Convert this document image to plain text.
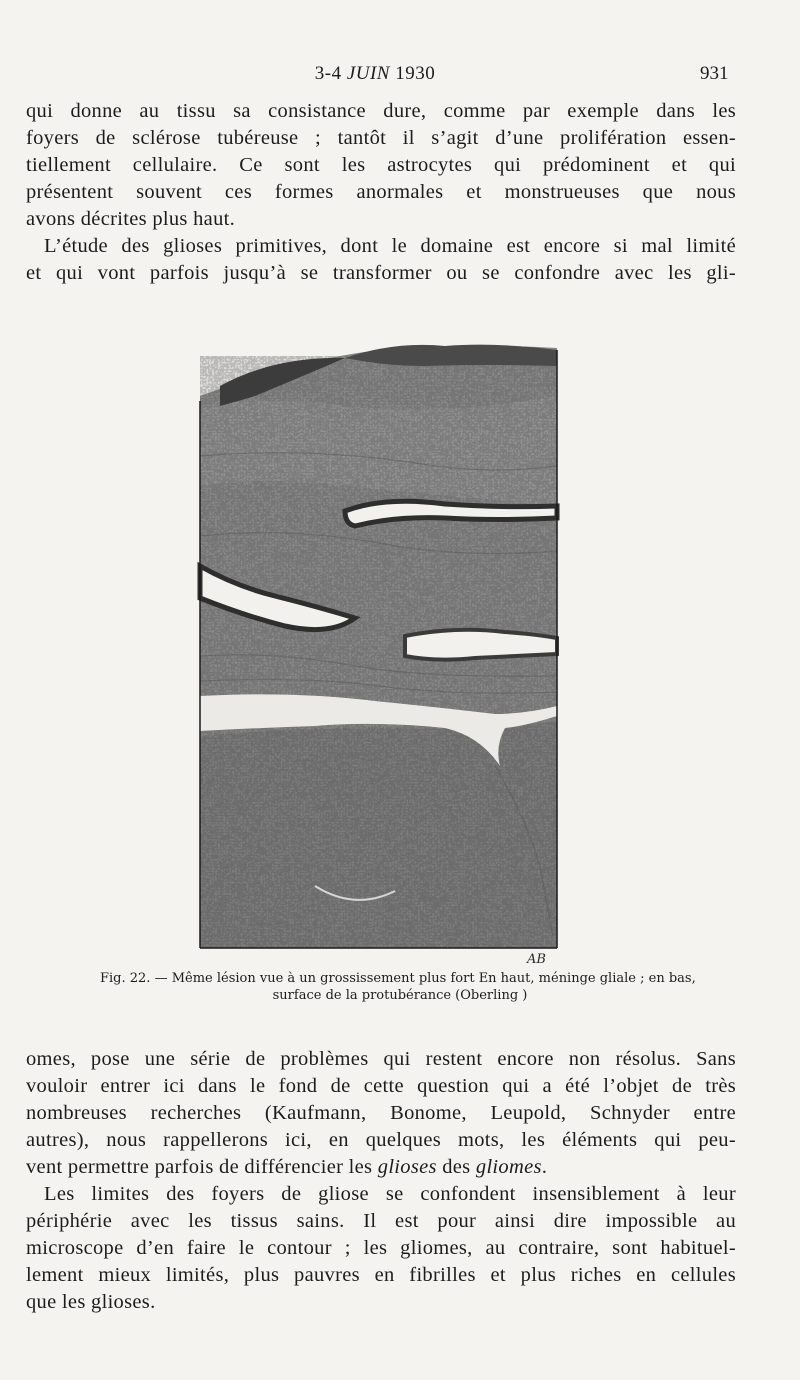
3-4 JUIN 1930	931

qui donne au tissu sa consistance dure, comme par exemple dans les
foyers de sclérose tubéreuse ; tantôt il s’agit d’une prolifération essen-
tiellement cellulaire. Ce sont les astrocytes qui prédominent et qui
présentent souvent ces formes anormales et monstrueuses que nous
avons décrites plus haut.

L’étude des glioses primitives, dont le domaine est encore si mal limité
et qui vont parfois jusqu’à se transformer ou se confondre avec les gli-

AB
Fig. 22. — Même lésion vue à un grossissement plus fort En haut, méninge gliale ; en bas,
surface de la protubérance (Oberling )

omes, pose une série de problèmes qui restent encore non résolus. Sans
vouloir entrer ici dans le fond de cette question qui a été l’objet de très
nombreuses recherches (Kaufmann, Bonome, Leupold, Schnyder entre
autres), nous rappellerons ici, en quelques mots, les éléments qui peu-
vent permettre parfois de différencier les glioses des gliomes.

Les limites des foyers de gliose se confondent insensiblement à leur
périphérie avec les tissus sains. Il est pour ainsi dire impossible au
microscope d’en faire le contour ; les gliomes, au contraire, sont habituel-
lement mieux limités, plus pauvres en fibrilles et plus riches en cellules
que les glioses.
